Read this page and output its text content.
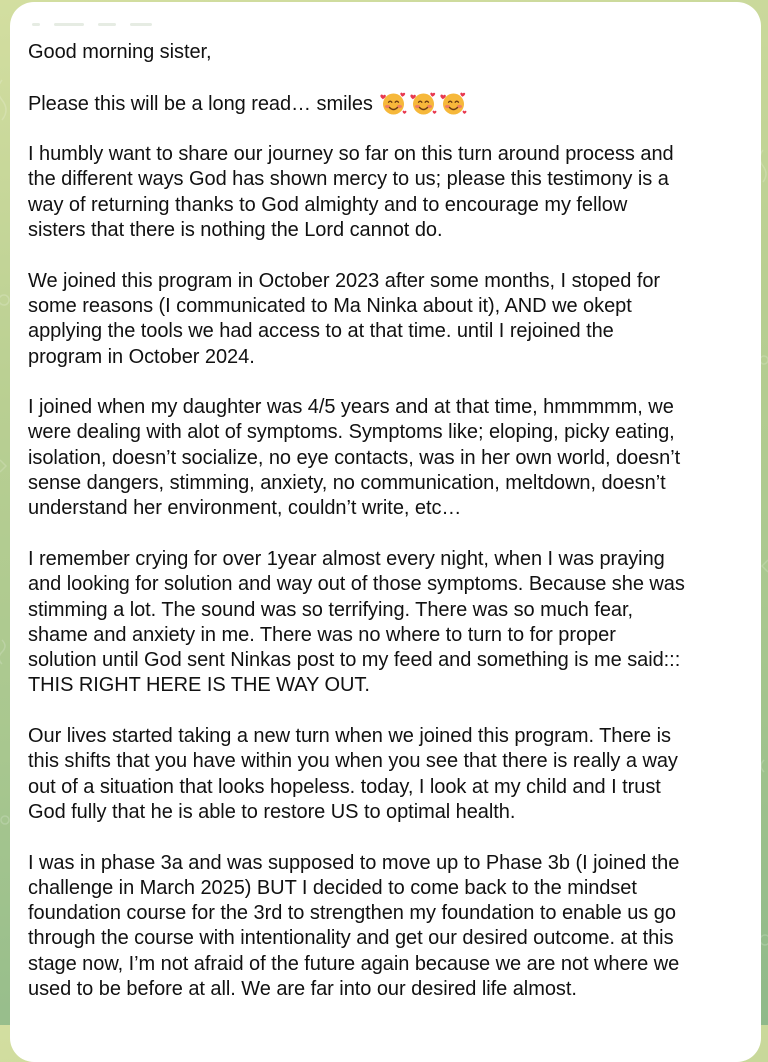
Good morning sister,

Please this will be a long read… smiles

I humbly want to share our journey so far on this turn around process and
the different ways God has shown mercy to us; please this testimony is a
way of returning thanks to God almighty and to encourage my fellow
sisters that there is nothing the Lord cannot do.

We joined this program in October 2023 after some months, I stoped for
some reasons (I communicated to Ma Ninka about it), AND we okept
applying the tools we had access to at that time. until I rejoined the
program in October 2024.

I joined when my daughter was 4/5 years and at that time, hmmmmm, we
were dealing with alot of symptoms. Symptoms like; eloping, picky eating,
isolation, doesn’t socialize, no eye contacts, was in her own world, doesn’t
sense dangers, stimming, anxiety, no communication, meltdown, doesn’t
understand her environment, couldn’t write, etc…

I remember crying for over 1year almost every night, when I was praying
and looking for solution and way out of those symptoms. Because she was
stimming a lot. The sound was so terrifying. There was so much fear,
shame and anxiety in me. There was no where to turn to for proper
solution until God sent Ninkas post to my feed and something is me said:::
THIS RIGHT HERE IS THE WAY OUT.

Our lives started taking a new turn when we joined this program. There is
this shifts that you have within you when you see that there is really a way
out of a situation that looks hopeless. today, I look at my child and I trust
God fully that he is able to restore US to optimal health.

I was in phase 3a and was supposed to move up to Phase 3b (I joined the
challenge in March 2025) BUT I decided to come back to the mindset
foundation course for the 3rd to strengthen my foundation to enable us go
through the course with intentionality and get our desired outcome. at this
stage now, I’m not afraid of the future again because we are not where we
used to be before at all. We are far into our desired life almost.
